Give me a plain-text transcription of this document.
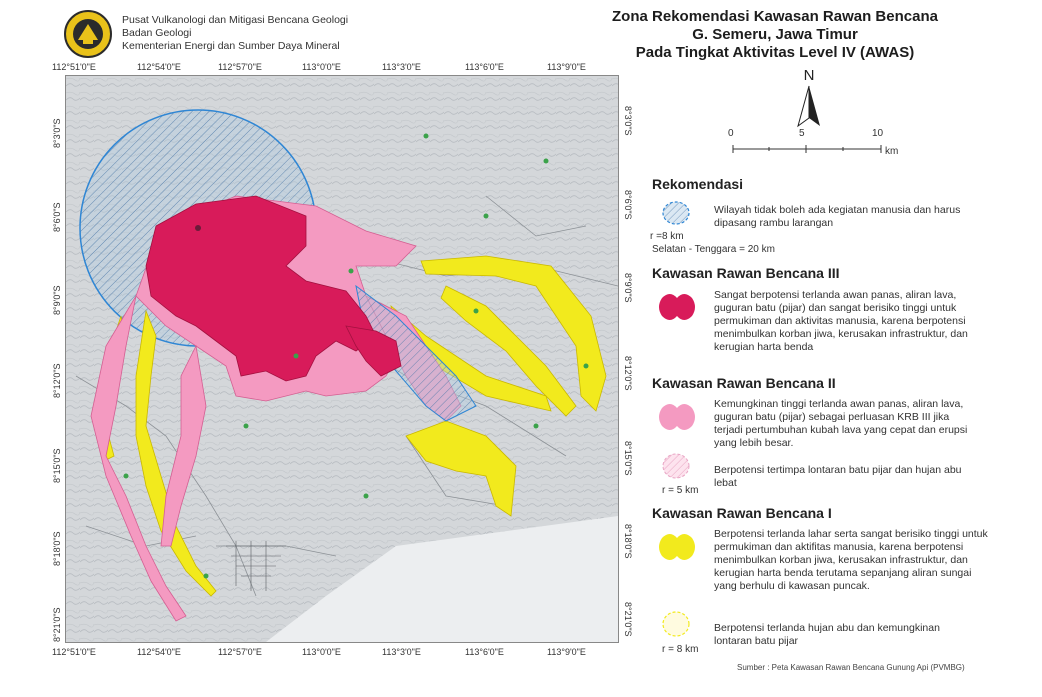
Pusat Vulkanologi dan Mitigasi Bencana Geologi
Badan Geologi
Kementerian Energi dan Sumber Daya Mineral
Zona Rekomendasi Kawasan Rawan Bencana
G. Semeru, Jawa Timur
Pada Tingkat Aktivitas Level IV (AWAS)
112°51'0"E	112°54'0"E	112°57'0"E	113°0'0"E	113°3'0"E	113°6'0"E	113°9'0"E
112°51'0"E	112°54'0"E	112°57'0"E	113°0'0"E	113°3'0"E	113°6'0"E	113°9'0"E
8°3'0"S
8°6'0"S
8°9'0"S
8°12'0"S
8°15'0"S
8°18'0"S
8°21'0"S
8°3'0"S
8°6'0"S
8°9'0"S
8°12'0"S
8°15'0"S
8°18'0"S
8°21'0"S
N
0	5	10
km
Rekomendasi
Wilayah tidak boleh ada kegiatan manusia dan harus dipasang rambu larangan
r =8 km
Selatan - Tenggara = 20 km
Kawasan Rawan Bencana III
Sangat berpotensi terlanda awan panas, aliran lava, guguran batu (pijar) dan sangat berisiko tinggi untuk permukiman dan aktivitas manusia, karena berpotensi menimbulkan korban jiwa, kerusakan infrastruktur, dan kerugian harta benda
Kawasan Rawan Bencana II
Kemungkinan tinggi terlanda awan panas, aliran lava, guguran batu (pijar) sebagai perluasan KRB III jika terjadi pertumbuhan kubah lava yang cepat dan erupsi yang lebih besar.
Berpotensi tertimpa lontaran batu pijar dan hujan abu lebat
r = 5 km
Kawasan Rawan Bencana I
Berpotensi terlanda lahar serta sangat berisiko tinggi untuk permukiman dan aktifitas manusia, karena berpotensi menimbulkan korban jiwa, kerusakan infrastruktur, dan kerugian harta benda terutama sepanjang aliran sungai yang berhulu di kawasan puncak.
Berpotensi terlanda hujan abu dan kemungkinan lontaran batu pijar
r = 8 km
Sumber : Peta Kawasan Rawan Bencana Gunung Api (PVMBG)
